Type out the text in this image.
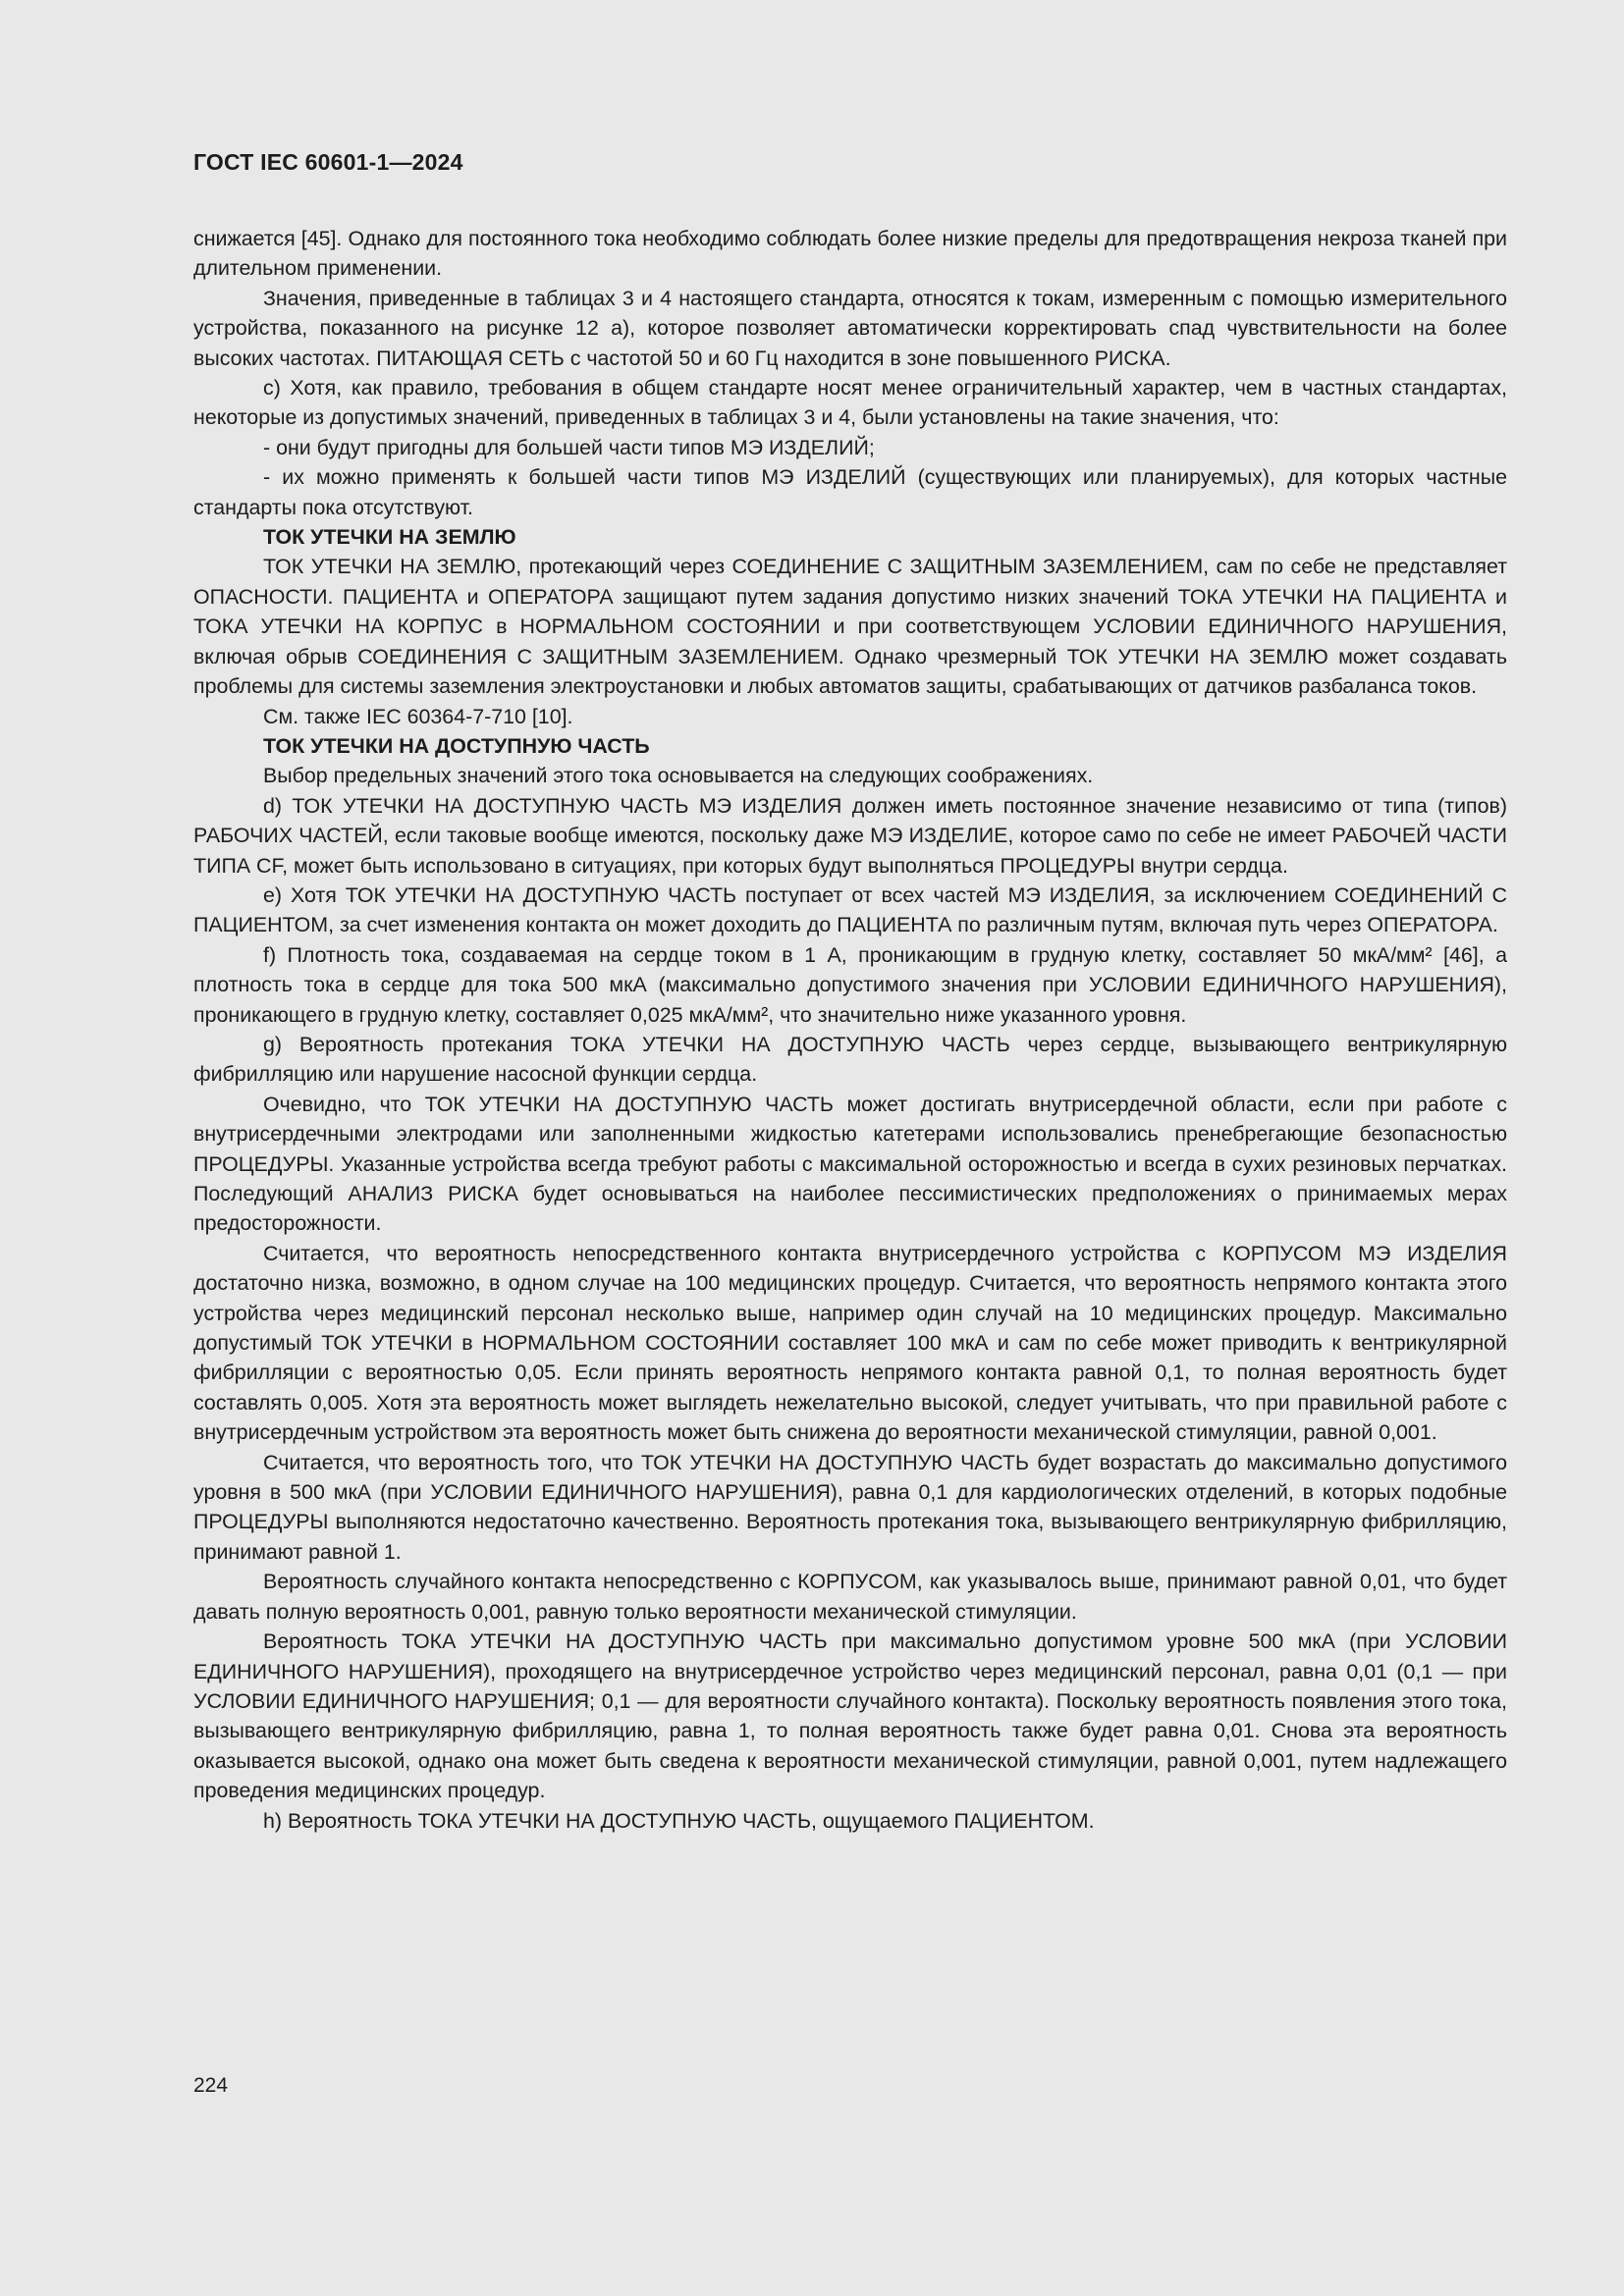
ГОСТ IEC 60601-1—2024

снижается [45]. Однако для постоянного тока необходимо соблюдать более низкие пределы для предотвращения некроза тканей при длительном применении.

Значения, приведенные в таблицах 3 и 4 настоящего стандарта, относятся к токам, измеренным с помощью измерительного устройства, показанного на рисунке 12 а), которое позволяет автоматически корректировать спад чувствительности на более высоких частотах. ПИТАЮЩАЯ СЕТЬ с частотой 50 и 60 Гц находится в зоне повышенного РИСКА.

c) Хотя, как правило, требования в общем стандарте носят менее ограничительный характер, чем в частных стандартах, некоторые из допустимых значений, приведенных в таблицах 3 и 4, были установлены на такие значения, что:

- они будут пригодны для большей части типов МЭ ИЗДЕЛИЙ;

- их можно применять к большей части типов МЭ ИЗДЕЛИЙ (существующих или планируемых), для которых частные стандарты пока отсутствуют.

ТОК УТЕЧКИ НА ЗЕМЛЮ

ТОК УТЕЧКИ НА ЗЕМЛЮ, протекающий через СОЕДИНЕНИЕ С ЗАЩИТНЫМ ЗАЗЕМЛЕНИЕМ, сам по себе не представляет ОПАСНОСТИ. ПАЦИЕНТА и ОПЕРАТОРА защищают путем задания допустимо низких значений ТОКА УТЕЧКИ НА ПАЦИЕНТА и ТОКА УТЕЧКИ НА КОРПУС в НОРМАЛЬНОМ СОСТОЯНИИ и при соответствующем УСЛОВИИ ЕДИНИЧНОГО НАРУШЕНИЯ, включая обрыв СОЕДИНЕНИЯ С ЗАЩИТНЫМ ЗАЗЕМЛЕНИЕМ. Однако чрезмерный ТОК УТЕЧКИ НА ЗЕМЛЮ может создавать проблемы для системы заземления электроустановки и любых автоматов защиты, срабатывающих от датчиков разбаланса токов.

См. также IEC 60364-7-710 [10].

ТОК УТЕЧКИ НА ДОСТУПНУЮ ЧАСТЬ

Выбор предельных значений этого тока основывается на следующих соображениях.

d) ТОК УТЕЧКИ НА ДОСТУПНУЮ ЧАСТЬ МЭ ИЗДЕЛИЯ должен иметь постоянное значение независимо от типа (типов) РАБОЧИХ ЧАСТЕЙ, если таковые вообще имеются, поскольку даже МЭ ИЗДЕЛИЕ, которое само по себе не имеет РАБОЧЕЙ ЧАСТИ ТИПА CF, может быть использовано в ситуациях, при которых будут выполняться ПРОЦЕДУРЫ внутри сердца.

е) Хотя ТОК УТЕЧКИ НА ДОСТУПНУЮ ЧАСТЬ поступает от всех частей МЭ ИЗДЕЛИЯ, за исключением СОЕДИНЕНИЙ С ПАЦИЕНТОМ, за счет изменения контакта он может доходить до ПАЦИЕНТА по различным путям, включая путь через ОПЕРАТОРА.

f) Плотность тока, создаваемая на сердце током в 1 А, проникающим в грудную клетку, составляет 50 мкА/мм² [46], а плотность тока в сердце для тока 500 мкА (максимально допустимого значения при УСЛОВИИ ЕДИНИЧНОГО НАРУШЕНИЯ), проникающего в грудную клетку, составляет 0,025 мкА/мм², что значительно ниже указанного уровня.

g) Вероятность протекания ТОКА УТЕЧКИ НА ДОСТУПНУЮ ЧАСТЬ через сердце, вызывающего вентрикулярную фибрилляцию или нарушение насосной функции сердца.

Очевидно, что ТОК УТЕЧКИ НА ДОСТУПНУЮ ЧАСТЬ может достигать внутрисердечной области, если при работе с внутрисердечными электродами или заполненными жидкостью катетерами использовались пренебрегающие безопасностью ПРОЦЕДУРЫ. Указанные устройства всегда требуют работы с максимальной осторожностью и всегда в сухих резиновых перчатках. Последующий АНАЛИЗ РИСКА будет основываться на наиболее пессимистических предположениях о принимаемых мерах предосторожности.

Считается, что вероятность непосредственного контакта внутрисердечного устройства с КОРПУСОМ МЭ ИЗДЕЛИЯ достаточно низка, возможно, в одном случае на 100 медицинских процедур. Считается, что вероятность непрямого контакта этого устройства через медицинский персонал несколько выше, например один случай на 10 медицинских процедур. Максимально допустимый ТОК УТЕЧКИ в НОРМАЛЬНОМ СОСТОЯНИИ составляет 100 мкА и сам по себе может приводить к вентрикулярной фибрилляции с вероятностью 0,05. Если принять вероятность непрямого контакта равной 0,1, то полная вероятность будет составлять 0,005. Хотя эта вероятность может выглядеть нежелательно высокой, следует учитывать, что при правильной работе с внутрисердечным устройством эта вероятность может быть снижена до вероятности механической стимуляции, равной 0,001.

Считается, что вероятность того, что ТОК УТЕЧКИ НА ДОСТУПНУЮ ЧАСТЬ будет возрастать до максимально допустимого уровня в 500 мкА (при УСЛОВИИ ЕДИНИЧНОГО НАРУШЕНИЯ), равна 0,1 для кардиологических отделений, в которых подобные ПРОЦЕДУРЫ выполняются недостаточно качественно. Вероятность протекания тока, вызывающего вентрикулярную фибрилляцию, принимают равной 1.

Вероятность случайного контакта непосредственно с КОРПУСОМ, как указывалось выше, принимают равной 0,01, что будет давать полную вероятность 0,001, равную только вероятности механической стимуляции.

Вероятность ТОКА УТЕЧКИ НА ДОСТУПНУЮ ЧАСТЬ при максимально допустимом уровне 500 мкА (при УСЛОВИИ ЕДИНИЧНОГО НАРУШЕНИЯ), проходящего на внутрисердечное устройство через медицинский персонал, равна 0,01 (0,1 — при УСЛОВИИ ЕДИНИЧНОГО НАРУШЕНИЯ; 0,1 — для вероятности случайного контакта). Поскольку вероятность появления этого тока, вызывающего вентрикулярную фибрилляцию, равна 1, то полная вероятность также будет равна 0,01. Снова эта вероятность оказывается высокой, однако она может быть сведена к вероятности механической стимуляции, равной 0,001, путем надлежащего проведения медицинских процедур.

h) Вероятность ТОКА УТЕЧКИ НА ДОСТУПНУЮ ЧАСТЬ, ощущаемого ПАЦИЕНТОМ.

224
